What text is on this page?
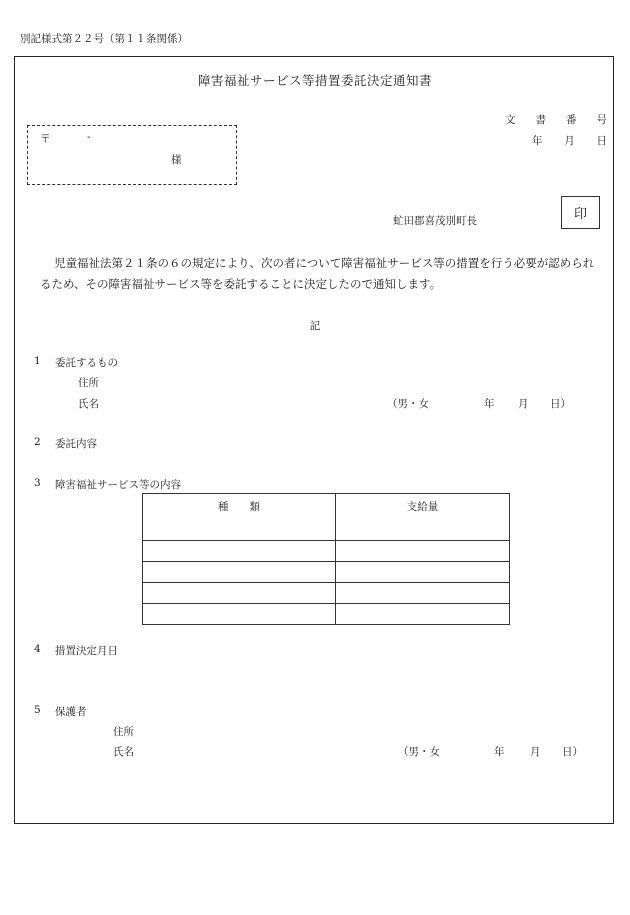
別記様式第２２号（第１１条関係）
障害福祉サービス等措置委託決定通知書
文 書 番 号
年 月 日
〒	-
様
虻田郡喜茂別町長	印
児童福祉法第２１条の６の規定により、次の者について障害福祉サービス等の措置を行う必要が認められ
るため、その障害福祉サービス等を委託することに決定したので通知します。
記
1 委託するもの
住所
氏名	（男・女	年 月 日）
2 委託内容
3 障害福祉サービス等の内容
種　　類	支給量

4 措置決定月日
5 保護者
住所
氏名	（男・女	年 月 日）
